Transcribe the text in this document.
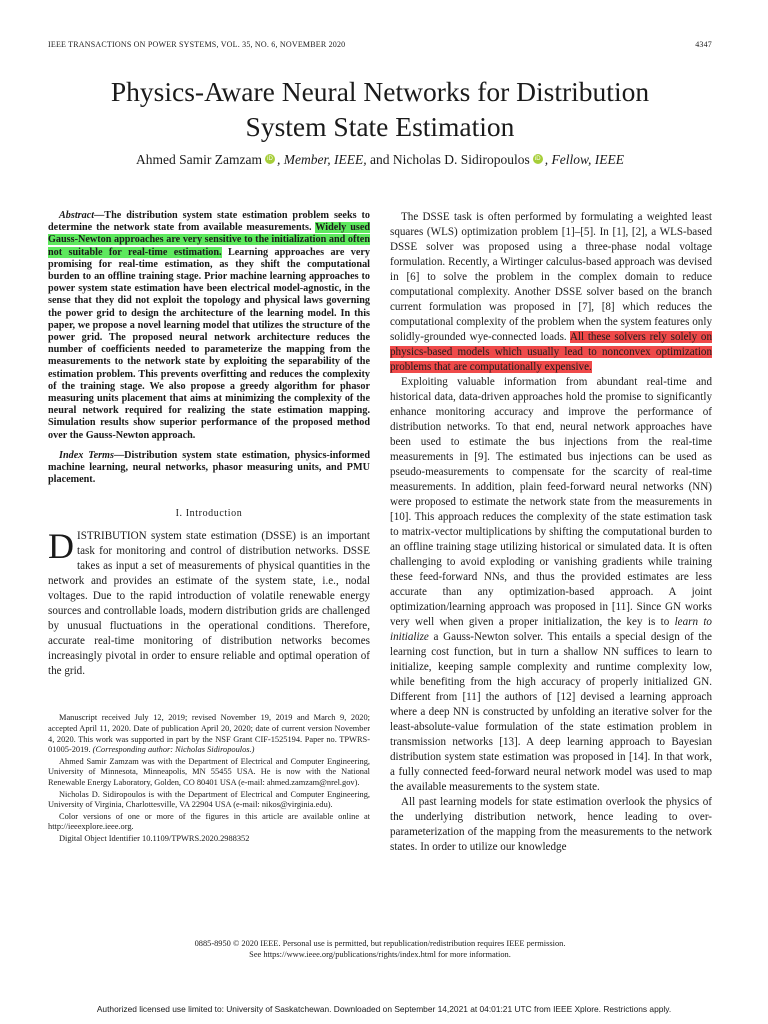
IEEE TRANSACTIONS ON POWER SYSTEMS, VOL. 35, NO. 6, NOVEMBER 2020	4347
Physics-Aware Neural Networks for Distribution
System State Estimation
Ahmed Samir Zamzam iD , Member, IEEE, and Nicholas D. Sidiropoulos iD , Fellow, IEEE

Abstract—The distribution system state estimation problem seeks to determine the network state from available measurements. Widely used Gauss-Newton approaches are very sensitive to the initialization and often not suitable for real-time estimation. Learning approaches are very promising for real-time estimation, as they shift the computational burden to an offline training stage. Prior machine learning approaches to power system state estimation have been electrical model-agnostic, in the sense that they did not exploit the topology and physical laws governing the power grid to design the architecture of the learning model. In this paper, we propose a novel learning model that utilizes the structure of the power grid. The proposed neural network architecture reduces the number of coefficients needed to parameterize the mapping from the measurements to the network state by exploiting the separability of the estimation problem. This prevents overfitting and reduces the complexity of the training stage. We also propose a greedy algorithm for phasor measuring units placement that aims at minimizing the complexity of the neural network required for realizing the state estimation mapping. Simulation results show superior performance of the proposed method over the Gauss-Newton approach.

Index Terms—Distribution system state estimation, physics-informed machine learning, neural networks, phasor measuring units, and PMU placement.

I. Introduction

DISTRIBUTION system state estimation (DSSE) is an important task for monitoring and control of distribution networks. DSSE takes as input a set of measurements of physical quantities in the network and provides an estimate of the system state, i.e., nodal voltages. Due to the rapid introduction of volatile renewable energy sources and controllable loads, modern distribution grids are challenged by unusual fluctuations in the operational conditions. Therefore, accurate real-time monitoring of distribution networks becomes increasingly pivotal in order to ensure reliable and optimal operation of the grid.

Manuscript received July 12, 2019; revised November 19, 2019 and March 9, 2020; accepted April 11, 2020. Date of publication April 20, 2020; date of current version November 4, 2020. This work was supported in part by the NSF Grant CIF-1525194. Paper no. TPWRS-01005-2019. (Corresponding author: Nicholas Sidiropoulos.)

Ahmed Samir Zamzam was with the Department of Electrical and Computer Engineering, University of Minnesota, Minneapolis, MN 55455 USA. He is now with the National Renewable Energy Laboratory, Golden, CO 80401 USA (e-mail: ahmed.zamzam@nrel.gov).

Nicholas D. Sidiropoulos is with the Department of Electrical and Computer Engineering, University of Virginia, Charlottesville, VA 22904 USA (e-mail: nikos@virginia.edu).

Color versions of one or more of the figures in this article are available online at http://ieeexplore.ieee.org.

Digital Object Identifier 10.1109/TPWRS.2020.2988352

The DSSE task is often performed by formulating a weighted least squares (WLS) optimization problem [1]–[5]. In [1], [2], a WLS-based DSSE solver was proposed using a three-phase nodal voltage formulation. Recently, a Wirtinger calculus-based approach was devised in [6] to solve the problem in the complex domain to reduce computational complexity. Another DSSE solver based on the branch current formulation was proposed in [7], [8] which reduces the computational complexity of the problem when the system features only solidly-grounded wye-connected loads. All these solvers rely solely on physics-based models which usually lead to nonconvex optimization problems that are computationally expensive.

Exploiting valuable information from abundant real-time and historical data, data-driven approaches hold the promise to significantly enhance monitoring accuracy and improve the performance of distribution networks. To that end, neural network approaches have been used to estimate the bus injections from the real-time measurements in [9]. The estimated bus injections can be used as pseudo-measurements to compensate for the scarcity of real-time measurements. In addition, plain feed-forward neural networks (NN) were proposed to estimate the network state from the measurements in [10]. This approach reduces the complexity of the state estimation task to matrix-vector multiplications by shifting the computational burden to an offline training stage utilizing historical or simulated data. It is often challenging to avoid exploding or vanishing gradients while training these feed-forward NNs, and thus the provided estimates are less accurate than any optimization-based approach. A joint optimization/learning approach was proposed in [11]. Since GN works very well when given a proper initialization, the key is to learn to initialize a Gauss-Newton solver. This entails a special design of the learning cost function, but in turn a shallow NN suffices to learn to initialize, keeping sample complexity and runtime complexity low, while benefiting from the high accuracy of properly initialized GN. Different from [11] the authors of [12] devised a learning approach where a deep NN is constructed by unfolding an iterative solver for the least-absolute-value formulation of the state estimation problem in transmission networks [13]. A deep learning approach to Bayesian distribution system state estimation was proposed in [14]. In that work, a fully connected feed-forward neural network model was used to map the available measurements to the system state.

All past learning models for state estimation overlook the physics of the underlying distribution network, hence leading to over-parameterization of the mapping from the measurements to the network states. In order to utilize our knowledge

0885-8950 © 2020 IEEE. Personal use is permitted, but republication/redistribution requires IEEE permission.
See https://www.ieee.org/publications/rights/index.html for more information.
Authorized licensed use limited to: University of Saskatchewan. Downloaded on September 14,2021 at 04:01:21 UTC from IEEE Xplore. Restrictions apply.
